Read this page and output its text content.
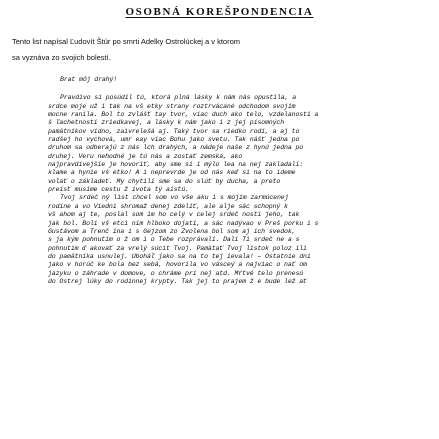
OSOBNÁ KOREŠPONDENCIA
Tento list napísal Ľudovít Štúr po smrti Adelky Ostrolúckej a v ktorom
sa vyznáva zo svojich bolestí.
Brat môj drahý!
Pravdivo si posúdil tú, ktorá plná lásky k nám nás opustila, a
srdce moje už i tak na vš etky strany roztrvácané odchodom svojím
mocne ranila. Bol to zvlášť tay tvor, viac duch ako telo, vzdelanosti a
š ľachetnosti zriedkavej, a lásky k nám jako i z jej písomných
pamätníkov vidno, zaivrelešá aj. Taký tvor sa riedko rodí, a aj to
radšej ho vychová, umr eay viac Bohu jako svetu. Tak nášť jedna po
druhom sa odberajú z nás lch drahých, a nádeje naše z hynú jedna po
druhej. Veru nehodné je tú nás a zostať zemská, ako
najpravdivejšie je hovoriť, aby sme sí i mýlo lea na nej zakladali:
klame a hynie vš etko! A i neprevrde je od nás keď si na to ideme
volať o základeť. My chytili sme sa do slúť by ducha, a preto
preisť musíme cestu ž ivota tý aistú.
Tvoj srdeč ný list chcel som vo vše aku i s mojím zarmúcenej
rodine a vo Viedni shromaž denej zdeliť, ale alje sác schopný k
vš ahom aj te, poslal som im ho celý v celej srdeč nosti jeho, tak
jak bol. Boli vš etci ním hlboko dojatí, a sác nadývao v Preš porku i s
Gustávom a Trenč ína i s Gejzom zo Zvolena bol som aj ich svedok,
s ja kým pohnutím o ž om i o Tebe rozprávali. Dali Ti srdeč ne a s
pohnutím ď akovať za vrelý súcit Tvoj. Pamätať Tvoj lístok poloz ili
do pamätníka usnulej. Uboháľ jako sa na to tej ievala! – Ostatnie dni
jako v horúč ke bola bez sebá, hovorila vo vásceý a najviac o nať om
jazyku o záhrade v domove, o chráme pri nej atd. Mŕtvé telo prenesú
do Ostrej lúky do rodinnej krypty. Tak jej to prajem ž e bude lež ať
